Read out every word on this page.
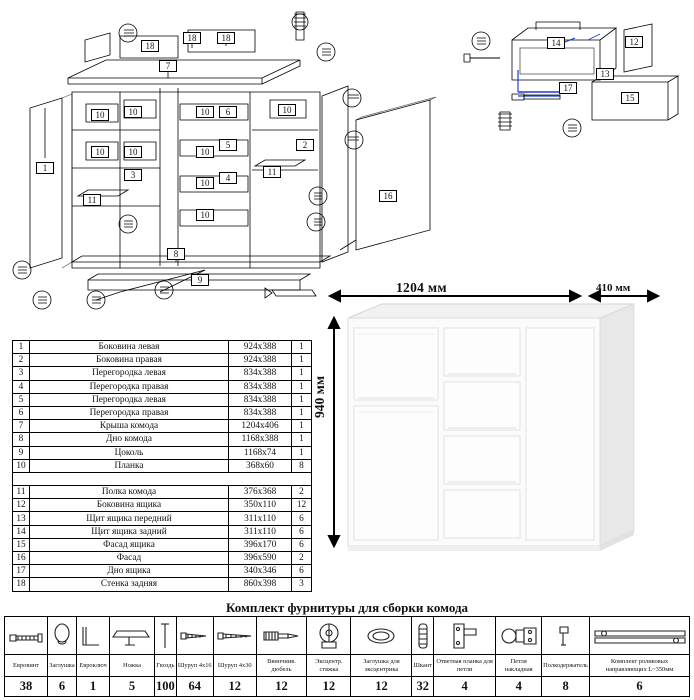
18
18	18
7
10	10
10	10
10
10
10
10
10
1
3
2
6
5
4
11
11
8
9
16
14	12
13
17
15
1	Боковина левая	924х388	1
2	Боковина правая	924х388	1
3	Перегородка левая	834х388	1
4	Перегородка правая	834х388	1
5	Перегородка левая	834х388	1
6	Перегородка правая	834х388	1
7	Крыша комода	1204х406	1
8	Дно комода	1168х388	1
9	Цоколь	1168х74	1
10	Планка	368х60	8

11	Полка комода	376х368	2
12	Боковина ящика	350х110	12
13	Щит ящика передний	311х110	6
14	Щит ящика задний	311х110	6
15	Фасад ящика	396х170	6
16	Фасад	396х590	2
17	Дно ящика	340х346	6
18	Стенка задняя	860х398	3
1204 мм	410 мм
940 мм
Комплект фурнитуры для сборки комода

Евровинт	Заглушка	Евроключ	Ножка	Гвоздь	Шуруп 4х16	Шуруп 4х30	Ввинчиив. дюбель	Эксцентр. стяжка	Заглушка для эксцентрика	Шкант	Ответная планка для петли	Петля накладная	Полкодержатель	Комплект роликовых направляющих L~350мм
38	6	1	5	100	64	12	12	12	12	32	4	4	8	6
